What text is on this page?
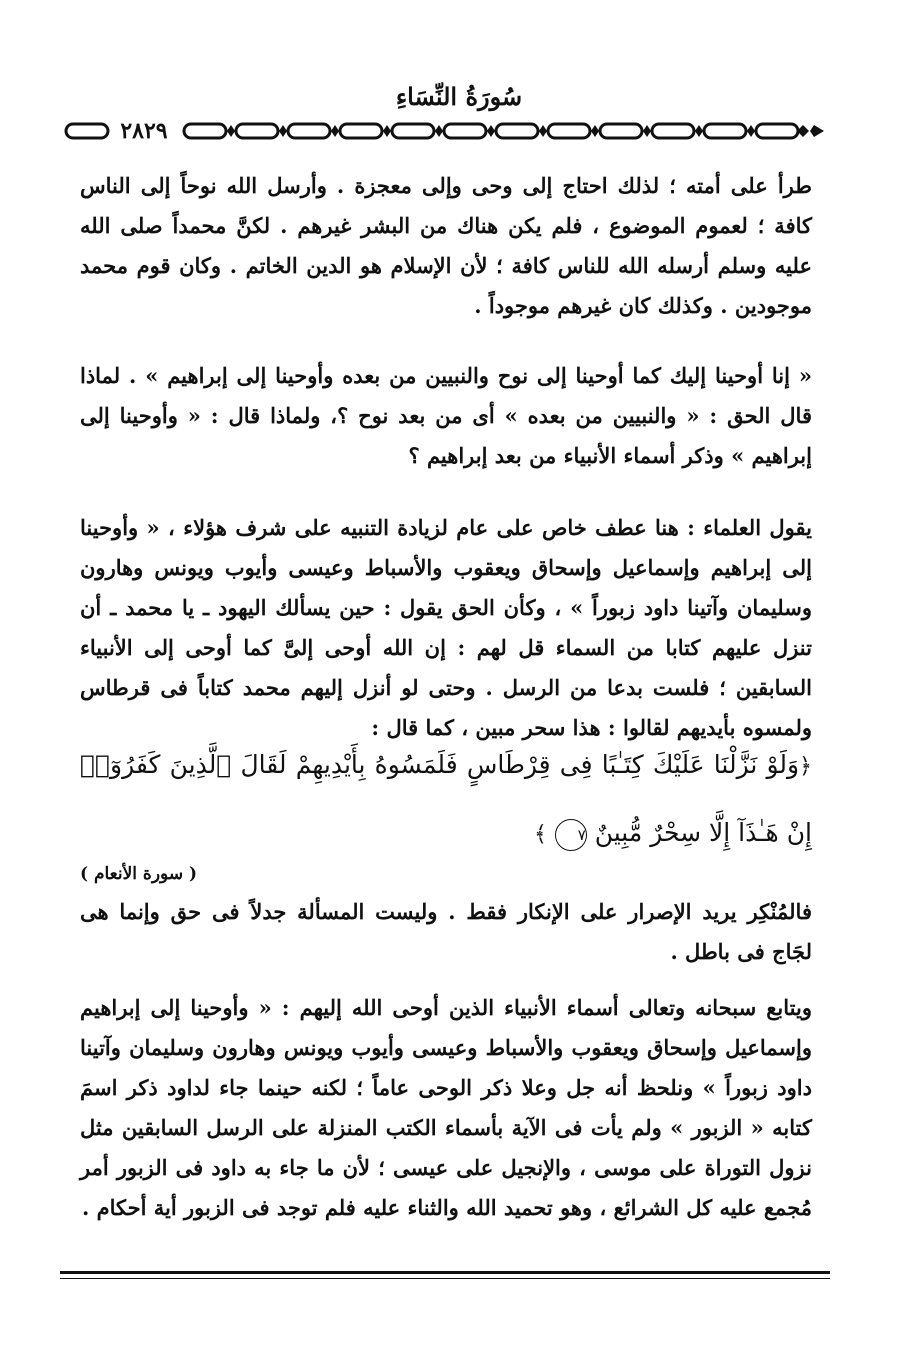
سُورَةُ النِّسَاءِ
٢٨٢٩

طرأ على أمته ؛ لذلك احتاج إلى وحى وإلى معجزة . وأرسل الله نوحاً إلى الناس كافة ؛ لعموم الموضوع ، فلم يكن هناك من البشر غيرهم . لكنَّ محمداً صلى الله عليه وسلم أرسله الله للناس كافة ؛ لأن الإسلام هو الدين الخاتم . وكان قوم محمد موجودين . وكذلك كان غيرهم موجوداً .

« إنا أوحينا إليك كما أوحينا إلى نوح والنبيين من بعده وأوحينا إلى إبراهيم » . لماذا قال الحق : « والنبيين من بعده » أى من بعد نوح ؟، ولماذا قال : « وأوحينا إلى إبراهيم » وذكر أسماء الأنبياء من بعد إبراهيم ؟

يقول العلماء : هنا عطف خاص على عام لزيادة التنبيه على شرف هؤلاء ، « وأوحينا إلى إبراهيم وإسماعيل وإسحاق ويعقوب والأسباط وعيسى وأيوب ويونس وهارون وسليمان وآتينا داود زبوراً » ، وكأن الحق يقول : حين يسألك اليهود ـ يا محمد ـ أن تنزل عليهم كتابا من السماء قل لهم : إن الله أوحى إلىَّ كما أوحى إلى الأنبياء السابقين ؛ فلست بدعا من الرسل . وحتى لو أنزل إليهم محمد كتاباً فى قرطاس ولمسوه بأيديهم لقالوا : هذا سحر مبين ، كما قال :

﴿وَلَوْ نَزَّلْنَا عَلَيْكَ كِتَـٰبًا فِى قِرْطَاسٍ فَلَمَسُوهُ بِأَيْدِيهِمْ لَقَالَ ٱلَّذِينَ كَفَرُوٓا۟ إِنْ هَـٰذَآ إِلَّا سِحْرٌ مُّبِينٌ ٧ ﴾

( سورة الأنعام )

فالمُنْكِر يريد الإصرار على الإنكار فقط . وليست المسألة جدلاً فى حق وإنما هى لجَاج فى باطل .

ويتابع سبحانه وتعالى أسماء الأنبياء الذين أوحى الله إليهم : « وأوحينا إلى إبراهيم وإسماعيل وإسحاق ويعقوب والأسباط وعيسى وأيوب ويونس وهارون وسليمان وآتينا داود زبوراً » ونلحظ أنه جل وعلا ذكر الوحى عاماً ؛ لكنه حينما جاء لداود ذكر اسمَ كتابه « الزبور » ولم يأت فى الآية بأسماء الكتب المنزلة على الرسل السابقين مثل نزول التوراة على موسى ، والإنجيل على عيسى ؛ لأن ما جاء به داود فى الزبور أمر مُجمع عليه كل الشرائع ، وهو تحميد الله والثناء عليه فلم توجد فى الزبور أية أحكام .
